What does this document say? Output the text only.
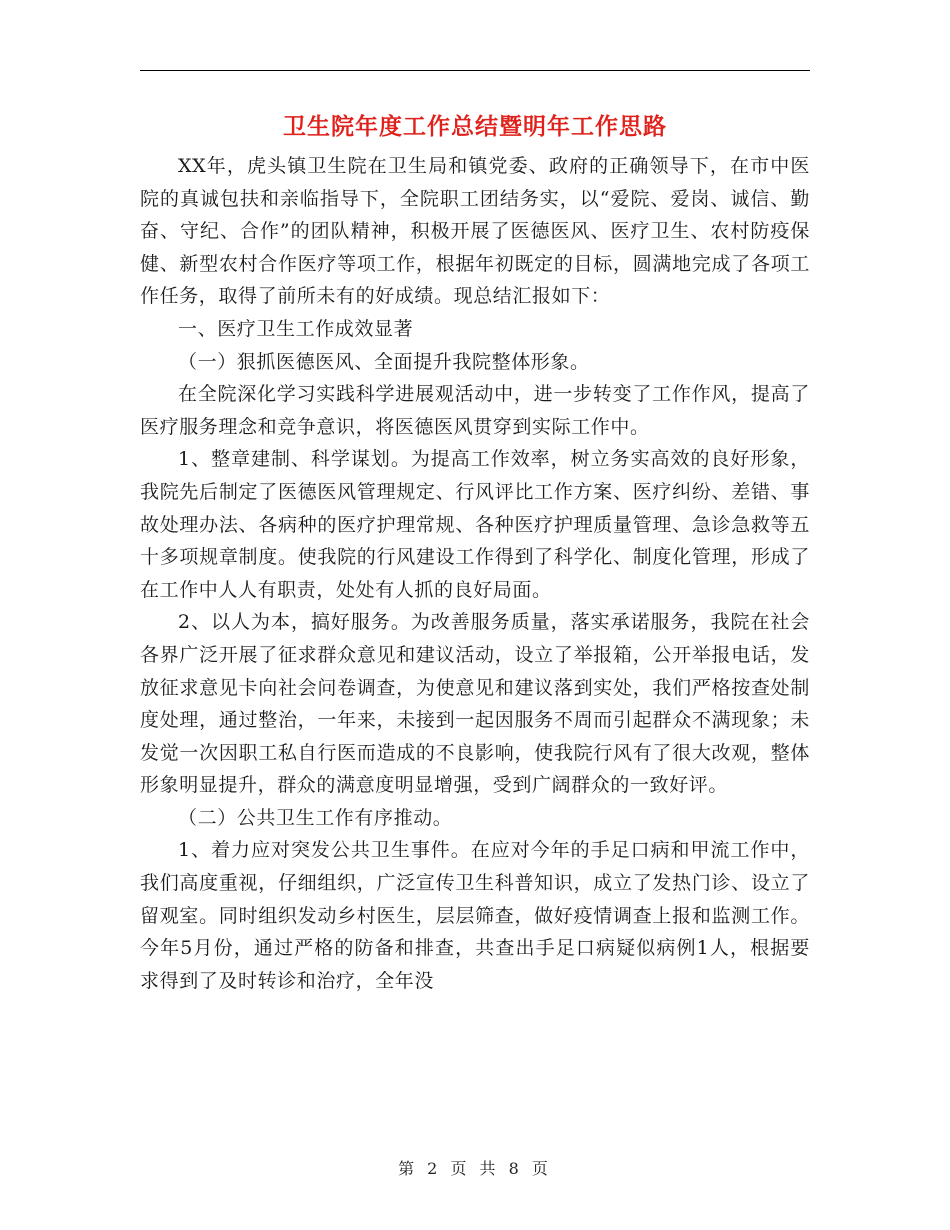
卫生院年度工作总结暨明年工作思路

XX年，虎头镇卫生院在卫生局和镇党委、政府的正确领导下，在市中医院的真诚包扶和亲临指导下，全院职工团结务实，以“爱院、爱岗、诚信、勤奋、守纪、合作”的团队精神，积极开展了医德医风、医疗卫生、农村防疫保健、新型农村合作医疗等项工作，根据年初既定的目标，圆满地完成了各项工作任务，取得了前所未有的好成绩。现总结汇报如下：

一、医疗卫生工作成效显著

（一）狠抓医德医风、全面提升我院整体形象。

在全院深化学习实践科学进展观活动中，进一步转变了工作作风，提高了医疗服务理念和竞争意识，将医德医风贯穿到实际工作中。

1、整章建制、科学谋划。为提高工作效率，树立务实高效的良好形象，我院先后制定了医德医风管理规定、行风评比工作方案、医疗纠纷、差错、事故处理办法、各病种的医疗护理常规、各种医疗护理质量管理、急诊急救等五十多项规章制度。使我院的行风建设工作得到了科学化、制度化管理，形成了在工作中人人有职责，处处有人抓的良好局面。

2、以人为本，搞好服务。为改善服务质量，落实承诺服务，我院在社会各界广泛开展了征求群众意见和建议活动，设立了举报箱，公开举报电话，发放征求意见卡向社会问卷调查，为使意见和建议落到实处，我们严格按查处制度处理，通过整治，一年来，未接到一起因服务不周而引起群众不满现象；未发觉一次因职工私自行医而造成的不良影响，使我院行风有了很大改观，整体形象明显提升，群众的满意度明显增强，受到广阔群众的一致好评。

（二）公共卫生工作有序推动。

1、着力应对突发公共卫生事件。在应对今年的手足口病和甲流工作中，我们高度重视，仔细组织，广泛宣传卫生科普知识，成立了发热门诊、设立了留观室。同时组织发动乡村医生，层层筛查，做好疫情调查上报和监测工作。今年5月份，通过严格的防备和排查，共查出手足口病疑似病例1人，根据要求得到了及时转诊和治疗，全年没

第 2 页 共 8 页
